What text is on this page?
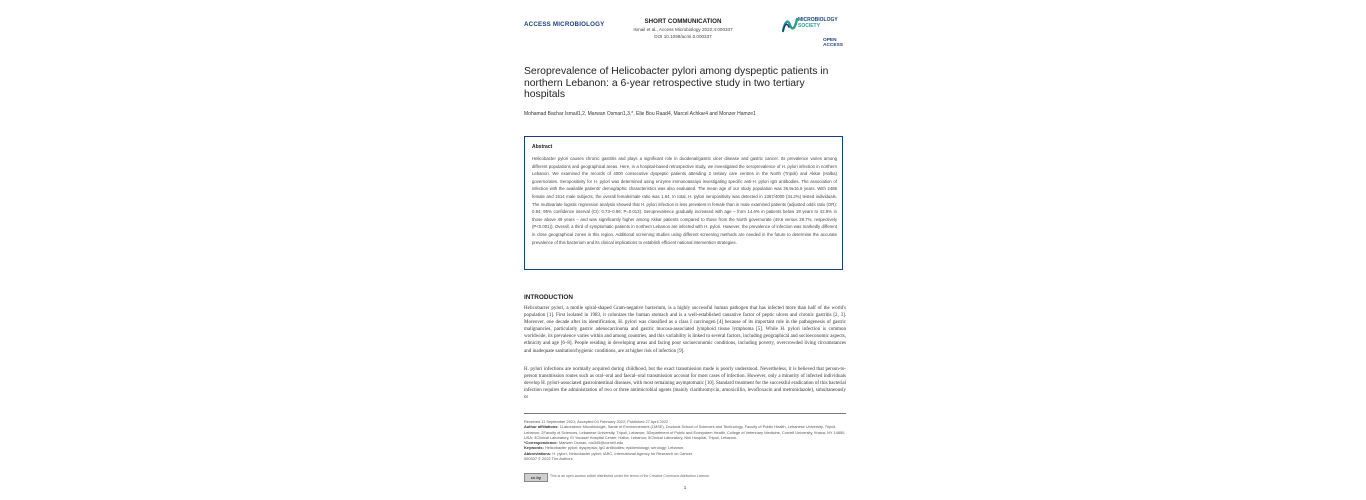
ACCESS MICROBIOLOGY	SHORT COMMUNICATION
Ismail et al., Access Microbiology 2022;4:000337
DOI 10.1099/acmi.0.000337
MICROBIOLOGY
SOCIETY
OPEN ACCESS
Seroprevalence of Helicobacter pylori among dyspeptic patients in northern Lebanon: a 6-year retrospective study in two tertiary hospitals
Mohamad Bachar Ismail1,2, Marwan Osman1,3,*, Elie Bou Raad4, Marcel Achkar4 and Monzer Hamze1
Abstract
Helicobacter pylori causes chronic gastritis and plays a significant role in duodenal/gastric ulcer disease and gastric cancer. Its prevalence varies among different populations and geographical areas. Here, in a hospital-based retrospective study, we investigated the seroprevalence of H. pylori infection in northern Lebanon. We examined the records of 4000 consecutive dyspeptic patients attending 2 tertiary care centres in the North (Tripoli) and Akkar (Halba) governorates. Seropositivity for H. pylori was determined using enzyme immunoassays investigating specific anti-H. pylori IgG antibodies. The association of infection with the available patients' demographic characteristics was also evaluated. The mean age of our study population was 36.9±16.6 years. With 2486 female and 1514 male subjects, the overall female/male ratio was 1.64. In total, H. pylori seropositivity was detected in 1367/4000 (34.2%) tested individuals. The multivariate logistic regression analysis showed that H. pylori infection is less prevalent in female than in male examined patients (adjusted odds ratio (OR): 0.84; 95% confidence interval (CI): 0.73–0.96; P=0.013). Seroprevalence gradually increased with age – from 14.6% in patients below 18 years to 42.9% in those above 49 years – and was significantly higher among Akkar patients compared to those from the North governorate (49.6 versus 28.7%, respectively (P<0.001)). Overall, a third of symptomatic patients in northern Lebanon are infected with H. pylori. However, the prevalence of infection was markedly different in close geographical zones in this region. Additional screening studies using different screening methods are needed in the future to determine the accurate prevalence of this bacterium and its clinical implications to establish efficient national intervention strategies.
INTRODUCTION
Helicobacter pylori, a motile spiral-shaped Gram-negative bacterium, is a highly successful human pathogen that has infected more than half of the world's population [1]. First isolated in 1983, it colonizes the human stomach and is a well-established causative factor of peptic ulcers and chronic gastritis [2, 3]. Moreover, one decade after its identification, H. pylori was classified as a class I carcinogen [4] because of its important role in the pathogenesis of gastric malignancies, particularly gastric adenocarcinoma and gastric mucosa-associated lymphoid tissue lymphoma [5]. While H. pylori infection is common worldwide, its prevalence varies within and among countries, and this variability is linked to several factors, including geographical and socioeconomic aspects, ethnicity and age [6–8]. People residing in developing areas and facing poor socioeconomic conditions, including poverty, overcrowded living circumstances and inadequate sanitation/hygienic conditions, are at higher risk of infection [9].
H. pylori infections are normally acquired during childhood, but the exact transmission mode is poorly understood. Nevertheless, it is believed that person-to-person transmission routes such as oral–oral and faecal–oral transmission account for most cases of infection. However, only a minority of infected individuals develop H. pylori-associated gastrointestinal diseases, with most remaining asymptomatic [10]. Standard treatment for the successful eradication of this bacterial infection requires the administration of two or three antimicrobial agents (mainly clarithromycin, amoxicillin, levofloxacin and metronidazole), simultaneously or
Received 11 September 2021; Accepted 04 February 2022; Published 27 April 2022
Author affiliations: 1Laboratoire Microbiologie, Santé et Environnement (LMSE), Doctoral School of Sciences and Technology, Faculty of Public Health, Lebanese University, Tripoli, Lebanon; 2Faculty of Sciences, Lebanese University, Tripoli, Lebanon; 3Department of Public and Ecosystem Health, College of Veterinary Medicine, Cornell University, Ithaca, NY 14850, USA; 4Clinical Laboratory, El Youssef Hospital Center, Halba, Lebanon; 5Clinical Laboratory, Nini Hospital, Tripoli, Lebanon.
*Correspondence: Marwan Osman, mo345@cornell.edu
Keywords: Helicobacter pylori; dyspepsia; IgG antibodies; epidemiology; serology; Lebanon.
Abbreviations: H. pylori, Helicobacter pylori; IARC, International Agency for Research on Cancer.
000337 © 2022 The Authors
cc by	This is an open-access article distributed under the terms of the Creative Commons Attribution License.
1
